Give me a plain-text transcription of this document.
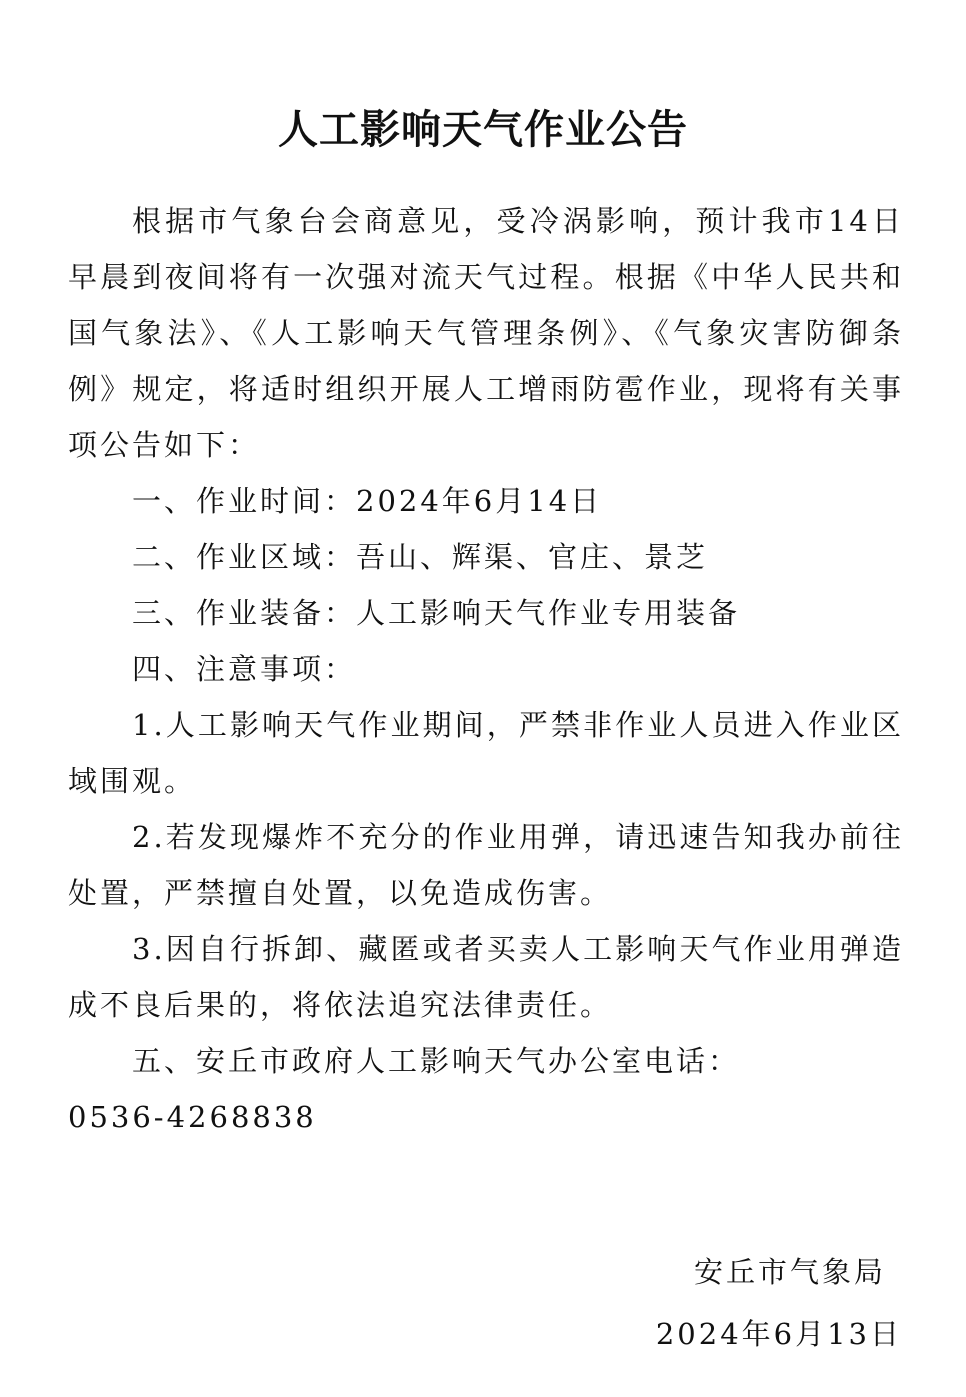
人工影响天气作业公告

根据市气象台会商意见，受冷涡影响，预计我市14日早晨到夜间将有一次强对流天气过程。根据《中华人民共和国气象法》、《人工影响天气管理条例》、《气象灾害防御条例》规定，将适时组织开展人工增雨防雹作业，现将有关事项公告如下：

一、作业时间：2024年6月14日

二、作业区域：吾山、辉渠、官庄、景芝

三、作业装备：人工影响天气作业专用装备

四、注意事项：

1.人工影响天气作业期间，严禁非作业人员进入作业区域围观。

2.若发现爆炸不充分的作业用弹，请迅速告知我办前往处置，严禁擅自处置，以免造成伤害。

3.因自行拆卸、藏匿或者买卖人工影响天气作业用弹造成不良后果的，将依法追究法律责任。

五、安丘市政府人工影响天气办公室电话：

0536-4268838

安丘市气象局
2024年6月13日
